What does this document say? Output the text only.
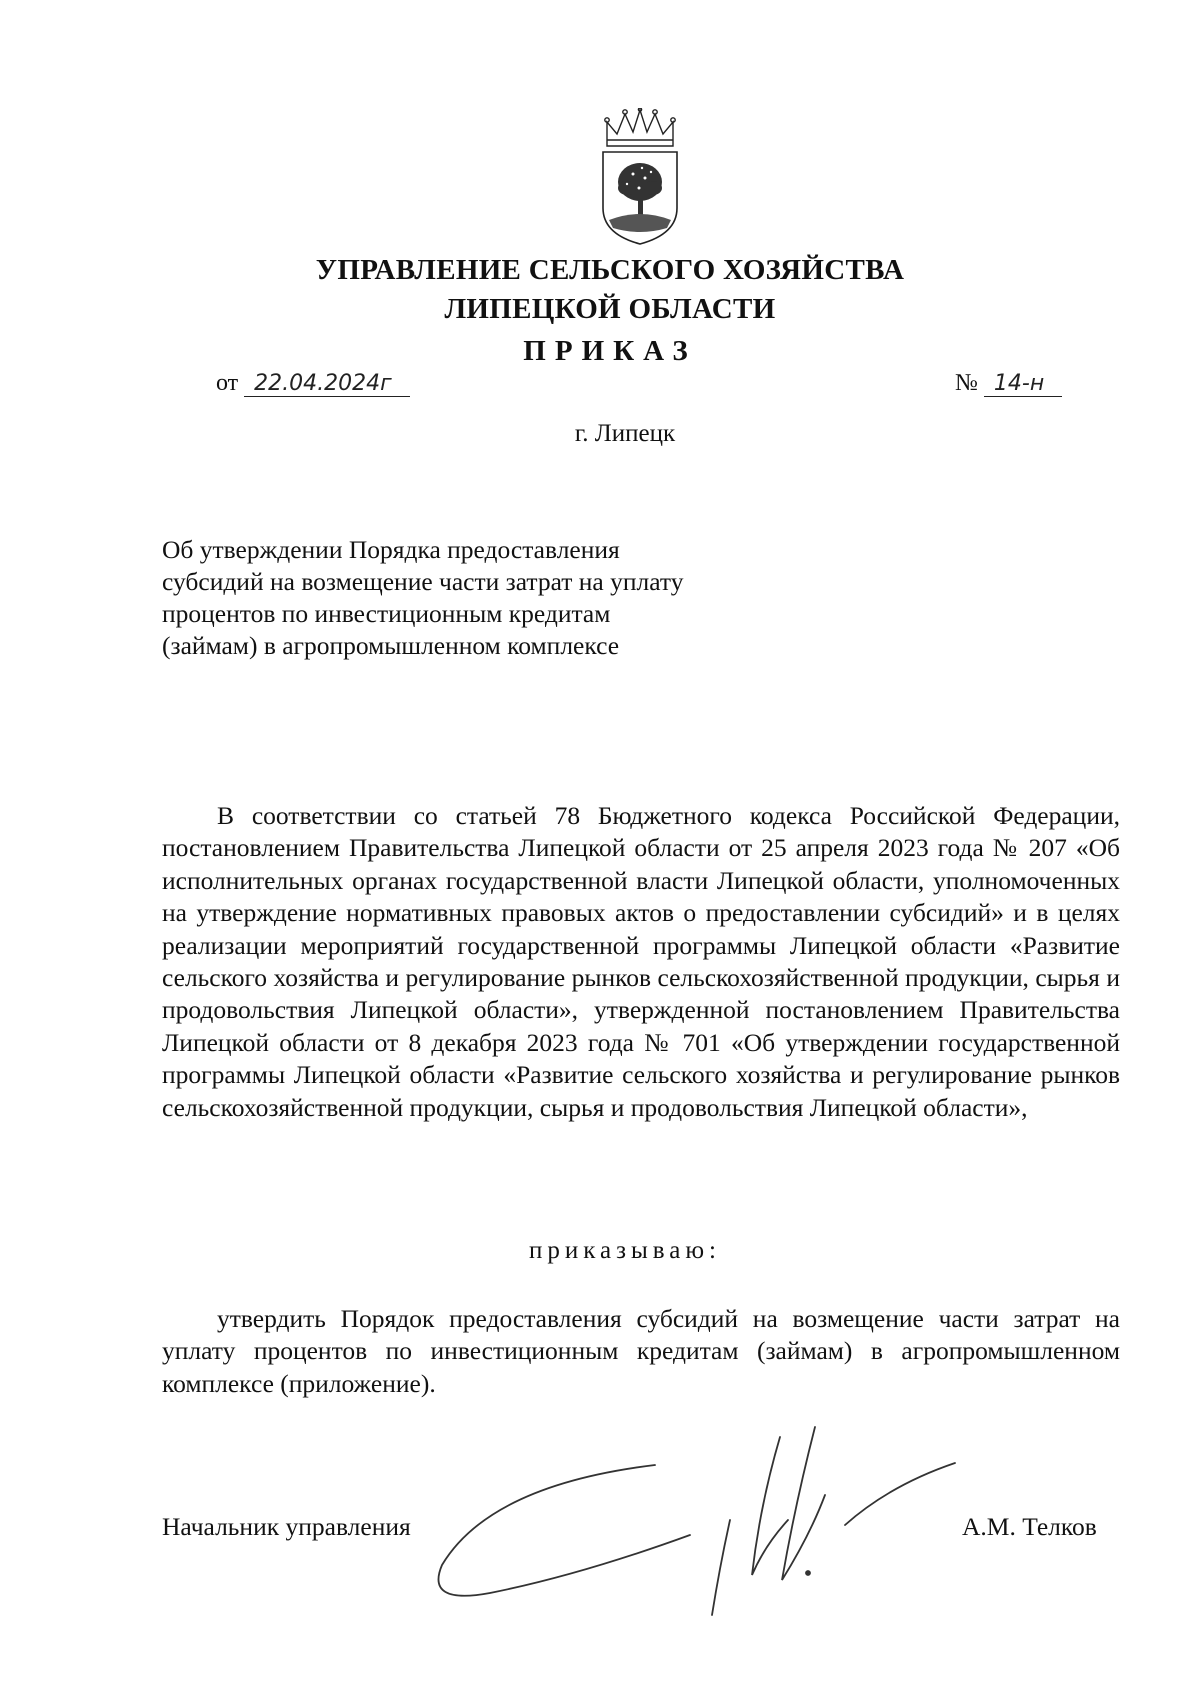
УПРАВЛЕНИЕ СЕЛЬСКОГО ХОЗЯЙСТВА
ЛИПЕЦКОЙ ОБЛАСТИ
ПРИКАЗ
от 22.04.2024г	№ 14-н
г. Липецк
Об утверждении Порядка предоставления субсидий на возмещение части затрат на уплату процентов по инвестиционным кредитам (займам) в агропромышленном комплексе
В соответствии со статьей 78 Бюджетного кодекса Российской Федерации, постановлением Правительства Липецкой области от 25 апреля 2023 года № 207 «Об исполнительных органах государственной власти Липецкой области, уполномоченных на утверждение нормативных правовых актов о предоставлении субсидий» и в целях реализации мероприятий государственной программы Липецкой области «Развитие сельского хозяйства и регулирование рынков сельскохозяйственной продукции, сырья и продовольствия Липецкой области», утвержденной постановлением Правительства Липецкой области от 8 декабря 2023 года № 701 «Об утверждении государственной программы Липецкой области «Развитие сельского хозяйства и регулирование рынков сельскохозяйственной продукции, сырья и продовольствия Липецкой области»,
приказываю:
утвердить Порядок предоставления субсидий на возмещение части затрат на уплату процентов по инвестиционным кредитам (займам) в агропромышленном комплексе (приложение).
Начальник управления	А.М. Телков
